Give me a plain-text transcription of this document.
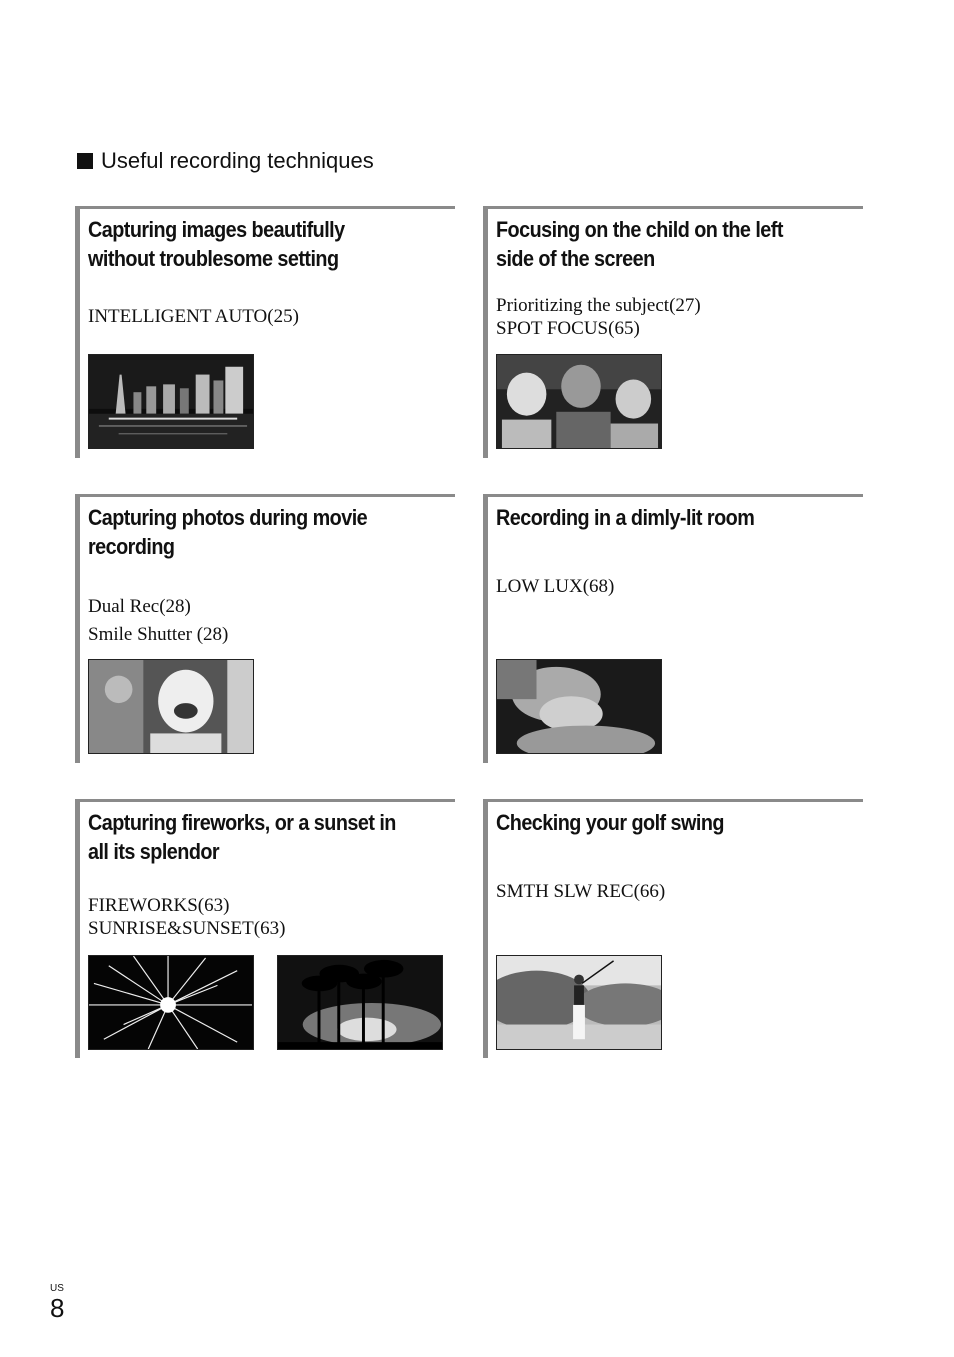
Useful recording techniques
Capturing images beautifully without troublesome setting
INTELLIGENT AUTO(25)
Focusing on the child on the left side of the screen
Prioritizing the subject(27)
SPOT FOCUS(65)
Capturing photos during movie recording
Dual Rec(28)
Smile Shutter (28)
Recording in a dimly-lit room
LOW LUX(68)
Capturing fireworks, or a sunset in all its splendor
FIREWORKS(63)
SUNRISE&SUNSET(63)
Checking your golf swing
SMTH SLW REC(66)
US
8
